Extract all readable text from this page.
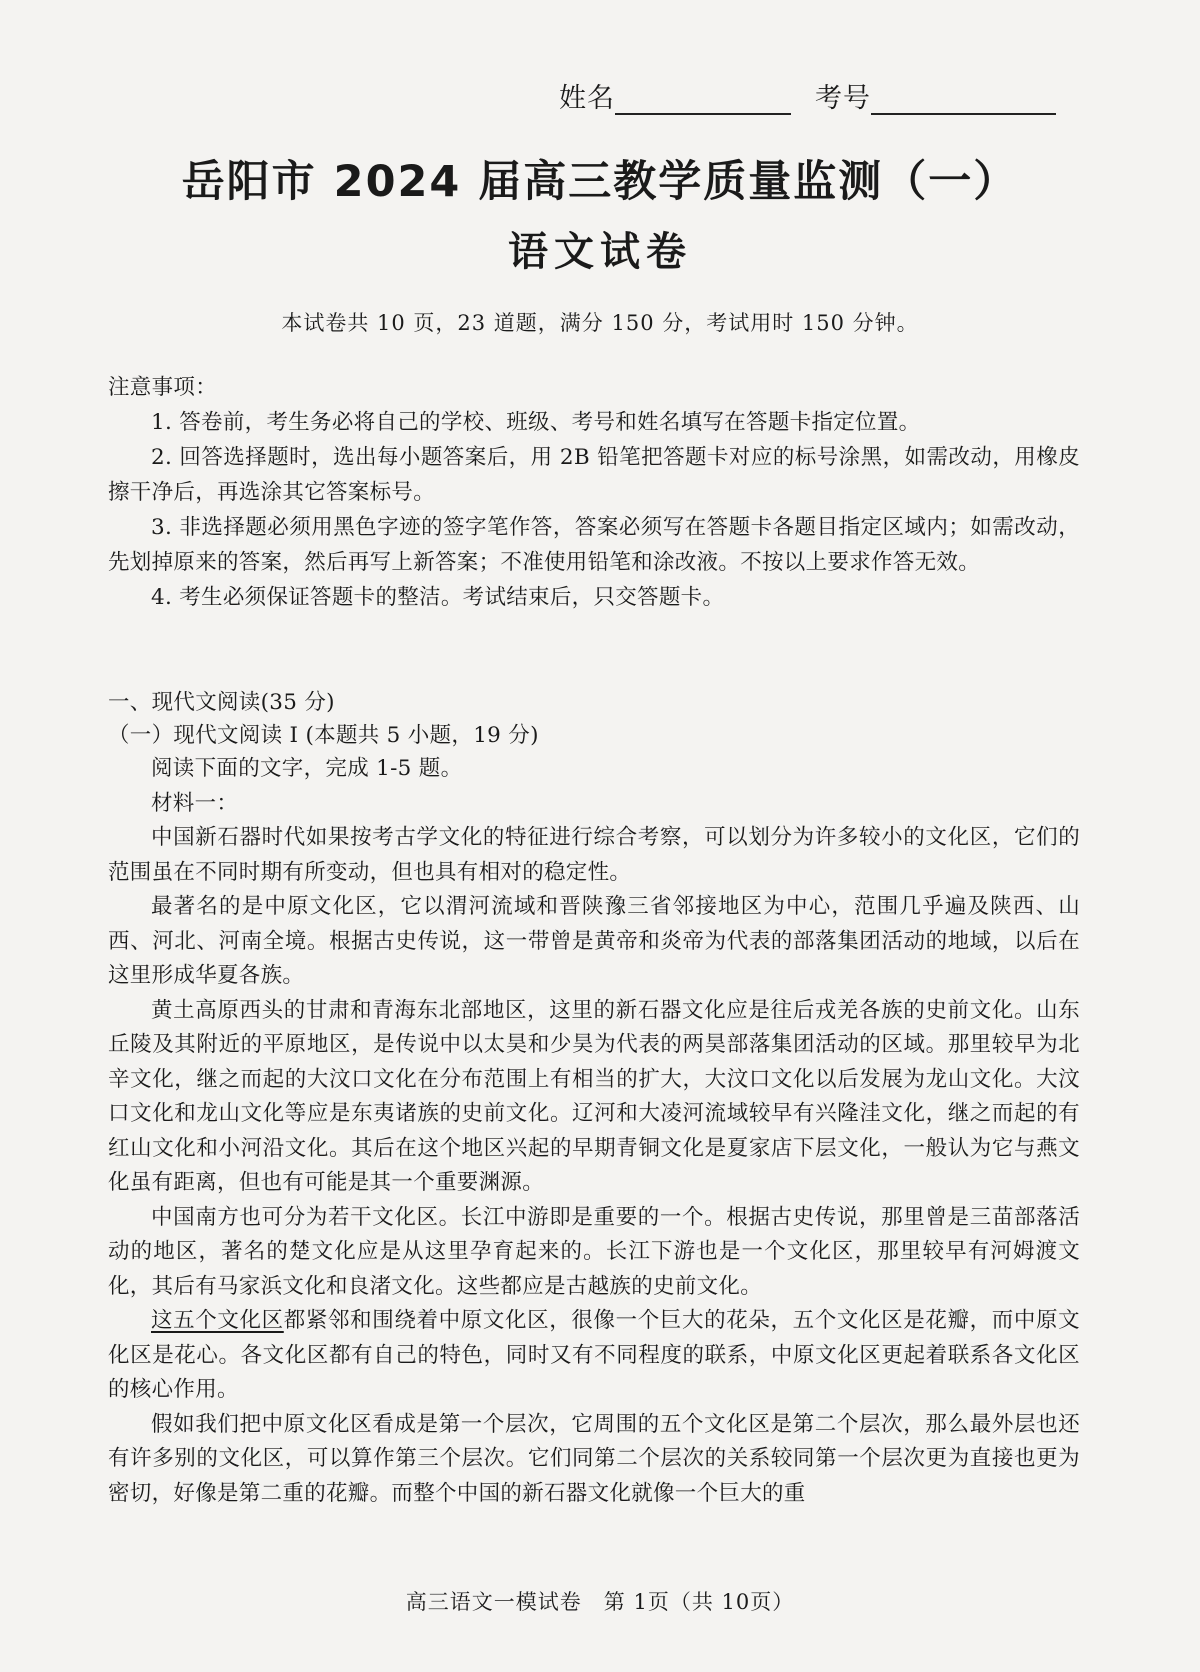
姓名	考号
岳阳市 2024 届高三教学质量监测（一）
语文试卷
本试卷共 10 页，23 道题，满分 150 分，考试用时 150 分钟。

注意事项：

1. 答卷前，考生务必将自己的学校、班级、考号和姓名填写在答题卡指定位置。

2. 回答选择题时，选出每小题答案后，用 2B 铅笔把答题卡对应的标号涂黑，如需改动，用橡皮擦干净后，再选涂其它答案标号。

3. 非选择题必须用黑色字迹的签字笔作答，答案必须写在答题卡各题目指定区域内；如需改动，先划掉原来的答案，然后再写上新答案；不准使用铅笔和涂改液。不按以上要求作答无效。

4. 考生必须保证答题卡的整洁。考试结束后，只交答题卡。

一、现代文阅读(35 分)

（一）现代文阅读 I (本题共 5 小题，19 分)

阅读下面的文字，完成 1-5 题。

材料一：

中国新石器时代如果按考古学文化的特征进行综合考察，可以划分为许多较小的文化区，它们的范围虽在不同时期有所变动，但也具有相对的稳定性。

最著名的是中原文化区，它以渭河流域和晋陕豫三省邻接地区为中心，范围几乎遍及陕西、山西、河北、河南全境。根据古史传说，这一带曾是黄帝和炎帝为代表的部落集团活动的地域，以后在这里形成华夏各族。

黄土高原西头的甘肃和青海东北部地区，这里的新石器文化应是往后戎羌各族的史前文化。山东丘陵及其附近的平原地区，是传说中以太昊和少昊为代表的两昊部落集团活动的区域。那里较早为北辛文化，继之而起的大汶口文化在分布范围上有相当的扩大，大汶口文化以后发展为龙山文化。大汶口文化和龙山文化等应是东夷诸族的史前文化。辽河和大凌河流域较早有兴隆洼文化，继之而起的有红山文化和小河沿文化。其后在这个地区兴起的早期青铜文化是夏家店下层文化，一般认为它与燕文化虽有距离，但也有可能是其一个重要渊源。

中国南方也可分为若干文化区。长江中游即是重要的一个。根据古史传说，那里曾是三苗部落活动的地区，著名的楚文化应是从这里孕育起来的。长江下游也是一个文化区，那里较早有河姆渡文化，其后有马家浜文化和良渚文化。这些都应是古越族的史前文化。

这五个文化区都紧邻和围绕着中原文化区，很像一个巨大的花朵，五个文化区是花瓣，而中原文化区是花心。各文化区都有自己的特色，同时又有不同程度的联系，中原文化区更起着联系各文化区的核心作用。

假如我们把中原文化区看成是第一个层次，它周围的五个文化区是第二个层次，那么最外层也还有许多别的文化区，可以算作第三个层次。它们同第二个层次的关系较同第一个层次更为直接也更为密切，好像是第二重的花瓣。而整个中国的新石器文化就像一个巨大的重

高三语文一模试卷　第 1页（共 10页）
